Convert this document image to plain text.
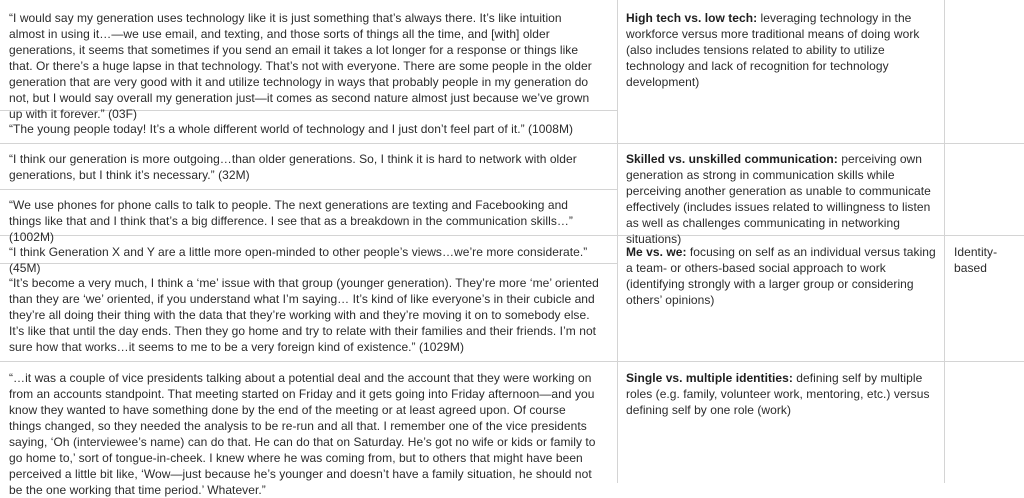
“I would say my generation uses technology like it is just something that’s always there. It’s like intuition almost in using it…—we use email, and texting, and those sorts of things all the time, and [with] older generations, it seems that sometimes if you send an email it takes a lot longer for a response or things like that. Or there’s a huge lapse in that technology. That’s not with everyone. There are some people in the older generation that are very good with it and utilize technology in ways that probably people in my generation do not, but I would say overall my generation just—it comes as second nature almost just because we’ve grown up with it forever.” (03F)
“The young people today! It’s a whole different world of technology and I just don’t feel part of it.” (1008M)
High tech vs. low tech: leveraging technology in the workforce versus more traditional means of doing work (also includes tensions related to ability to utilize technology and lack of recognition for technology development)
“I think our generation is more outgoing…than older generations. So, I think it is hard to network with older generations, but I think it’s necessary.” (32M)
“We use phones for phone calls to talk to people. The next generations are texting and Facebooking and things like that and I think that’s a big difference. I see that as a breakdown in the communication skills…” (1002M)
Skilled vs. unskilled communication: perceiving own generation as strong in communication skills while perceiving another generation as unable to communicate effectively (includes issues related to willingness to listen as well as challenges communicating in networking situations)
“I think Generation X and Y are a little more open-minded to other people’s views…we’re more considerate.” (45M)
“It’s become a very much, I think a ‘me’ issue with that group (younger generation). They’re more ‘me’ oriented than they are ‘we’ oriented, if you understand what I’m saying… It’s kind of like everyone’s in their cubicle and they’re all doing their thing with the data that they’re working with and they’re moving it on to somebody else. It’s like that until the day ends. Then they go home and try to relate with their families and their friends. I’m not sure how that works…it seems to me to be a very foreign kind of existence.” (1029M)
Me vs. we: focusing on self as an individual versus taking a team- or others-based social approach to work (identifying strongly with a larger group or considering others’ opinions)
Identity-based
“…it was a couple of vice presidents talking about a potential deal and the account that they were working on from an accounts standpoint. That meeting started on Friday and it gets going into Friday afternoon—and you know they wanted to have something done by the end of the meeting or at least agreed upon. Of course things changed, so they needed the analysis to be re-run and all that. I remember one of the vice presidents saying, ‘Oh (interviewee’s name) can do that. He can do that on Saturday. He’s got no wife or kids or family to go home to,’ sort of tongue-in-cheek. I knew where he was coming from, but to others that might have been perceived a little bit like, ‘Wow—just because he’s younger and doesn’t have a family situation, he should not be the one working that time period.’ Whatever.”
Single vs. multiple identities: defining self by multiple roles (e.g. family, volunteer work, mentoring, etc.) versus defining self by one role (work)
